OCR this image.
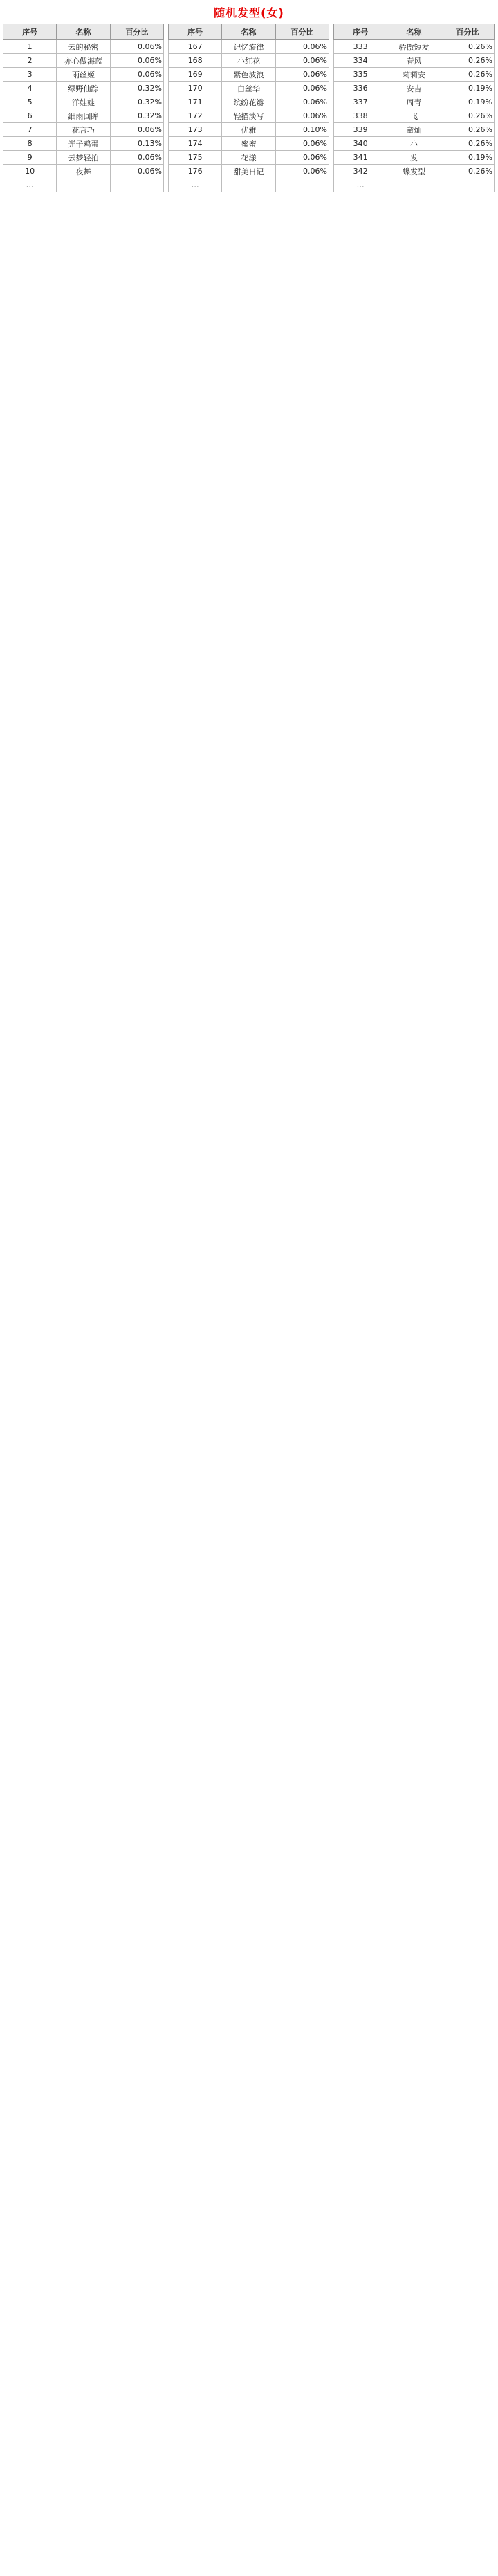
随机发型(女)
序号	名称	百分比
1	云的秘密	0.06%
2	亦心做海蓝	0.06%
3	雨丝姬	0.06%
4	绿野仙踪	0.32%
5	洋娃娃	0.32%
6	细雨回眸	0.32%
7	花言巧	0.06%
8	光子鸡蛋	0.13%
9	云梦轻拍	0.06%
10	夜舞	0.06%
…		
序号	名称	百分比
167	记忆旋律	0.06%
168	小红花	0.06%
169	紫色波浪	0.06%
170	白丝华	0.06%
171	缤纷花瓣	0.06%
172	轻描淡写	0.06%
173	优雅	0.10%
174	蜜蜜	0.06%
175	花漾	0.06%
176	甜美日记	0.06%
…		
序号	名称	百分比
333	骄傲短发	0.26%
334	春风	0.26%
335	莉莉安	0.26%
336	安吉	0.19%
337	周青	0.19%
338	飞	0.26%
339	童灿	0.26%
340	小	0.26%
341	发	0.19%
342	蝶发型	0.26%
…		
